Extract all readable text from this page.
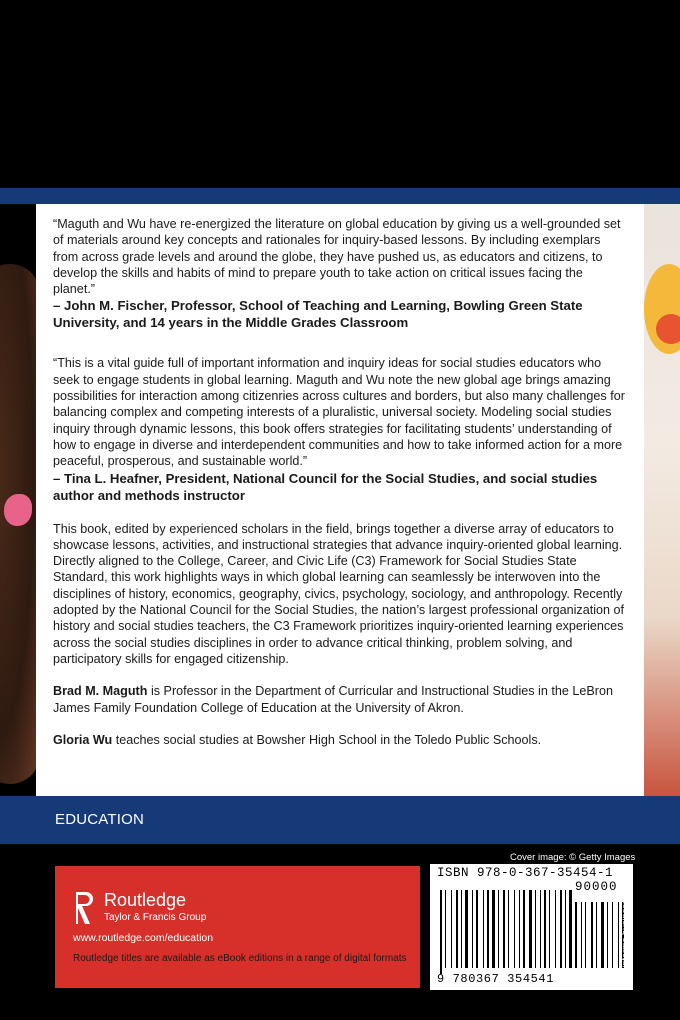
“Maguth and Wu have re-energized the literature on global education by giving us a well-grounded set of materials around key concepts and rationales for inquiry-based lessons. By including exemplars from across grade levels and around the globe, they have pushed us, as educators and citizens, to develop the skills and habits of mind to prepare youth to take action on critical issues facing the planet.”

– John M. Fischer, Professor, School of Teaching and Learning, Bowling Green State University, and 14 years in the Middle Grades Classroom

“This is a vital guide full of important information and inquiry ideas for social studies educators who seek to engage students in global learning. Maguth and Wu note the new global age brings amazing possibilities for interaction among citizenries across cultures and borders, but also many challenges for balancing complex and competing interests of a pluralistic, universal society. Modeling social studies inquiry through dynamic lessons, this book offers strategies for facilitating students’ understanding of how to engage in diverse and interdependent communities and how to take informed action for a more peaceful, prosperous, and sustainable world.”

– Tina L. Heafner, President, National Council for the Social Studies, and social studies author and methods instructor

This book, edited by experienced scholars in the field, brings together a diverse array of educators to showcase lessons, activities, and instructional strategies that advance inquiry-oriented global learning. Directly aligned to the College, Career, and Civic Life (C3) Framework for Social Studies State Standard, this work highlights ways in which global learning can seamlessly be interwoven into the disciplines of history, economics, geography, civics, psychology, sociology, and anthropology. Recently adopted by the National Council for the Social Studies, the nation’s largest professional organization of history and social studies teachers, the C3 Framework prioritizes inquiry-oriented learning experiences across the social studies disciplines in order to advance critical thinking, problem solving, and participatory skills for engaged citizenship.

Brad M. Maguth is Professor in the Department of Curricular and Instructional Studies in the LeBron James Family Foundation College of Education at the University of Akron.

Gloria Wu teaches social studies at Bowsher High School in the Toledo Public Schools.

EDUCATION
Routledge
Taylor & Francis Group
www.routledge.com/education
Routledge titles are available as eBook editions in a range of digital formats
Cover image: © Getty Images
ISBN 978-0-367-35454-1
90000
9 780367 354541	an informa business
